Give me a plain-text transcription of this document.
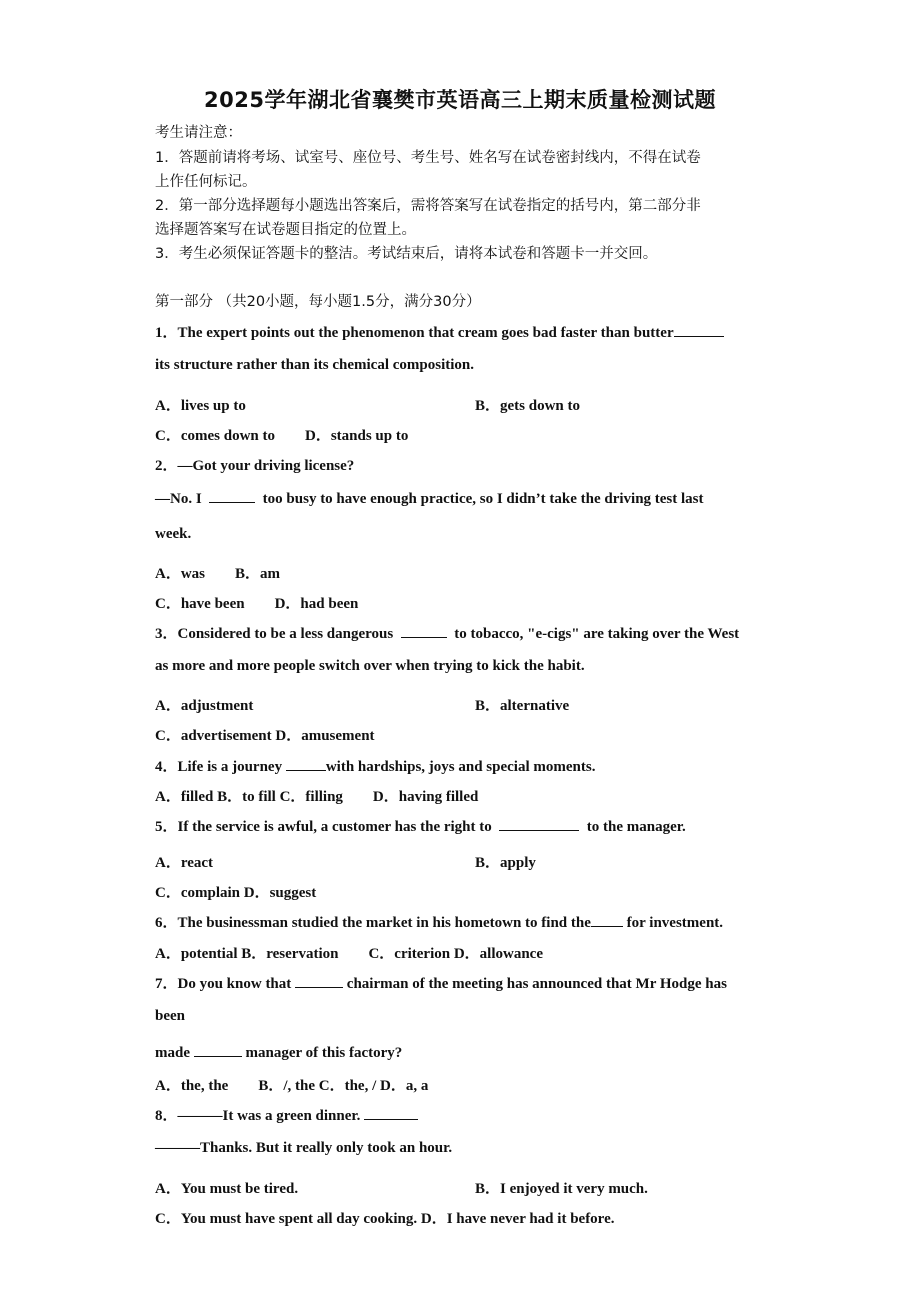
2025学年湖北省襄樊市英语高三上期末质量检测试题
考生请注意：
1．答题前请将考场、试室号、座位号、考生号、姓名写在试卷密封线内，不得在试卷
上作任何标记。
2．第一部分选择题每小题选出答案后，需将答案写在试卷指定的括号内，第二部分非
选择题答案写在试卷题目指定的位置上。
3．考生必须保证答题卡的整洁。考试结束后，请将本试卷和答题卡一并交回。
第一部分 （共20小题，每小题1.5分，满分30分）
1．The expert points out the phenomenon that cream goes bad faster than butter
its structure rather than its chemical composition.
A．lives up to	B．gets down to
C．comes down to　　D．stands up to
2．—Got your driving license?
—No. I	too busy to have enough practice, so I didn’t take the driving test last
week.
A．was　　B．am
C．have been　　D．had been
3．Considered to be a less dangerous	to tobacco, "e-cigs" are taking over the West
as more and more people switch over when trying to kick the habit.
A．adjustment	B．alternative
C．advertisement D．amusement
4．Life is a journey	with hardships, joys and special moments.
A．filled B．to fill C．filling　　D．having filled
5．If the service is awful, a customer has the right to	to the manager.
A．react	B．apply
C．complain D．suggest
6．The businessman studied the market in his hometown to find the for investment.
A．potential B．reservation　　C．criterion D．allowance
7．Do you know that	chairman of the meeting has announced that Mr Hodge has
been
made	manager of this factory?
A．the, the　　B．/, the C．the, / D．a, a
8．———It was a green dinner.
———Thanks. But it really only took an hour.
A．You must be tired.	B．I enjoyed it very much.
C．You must have spent all day cooking. D．I have never had it before.
